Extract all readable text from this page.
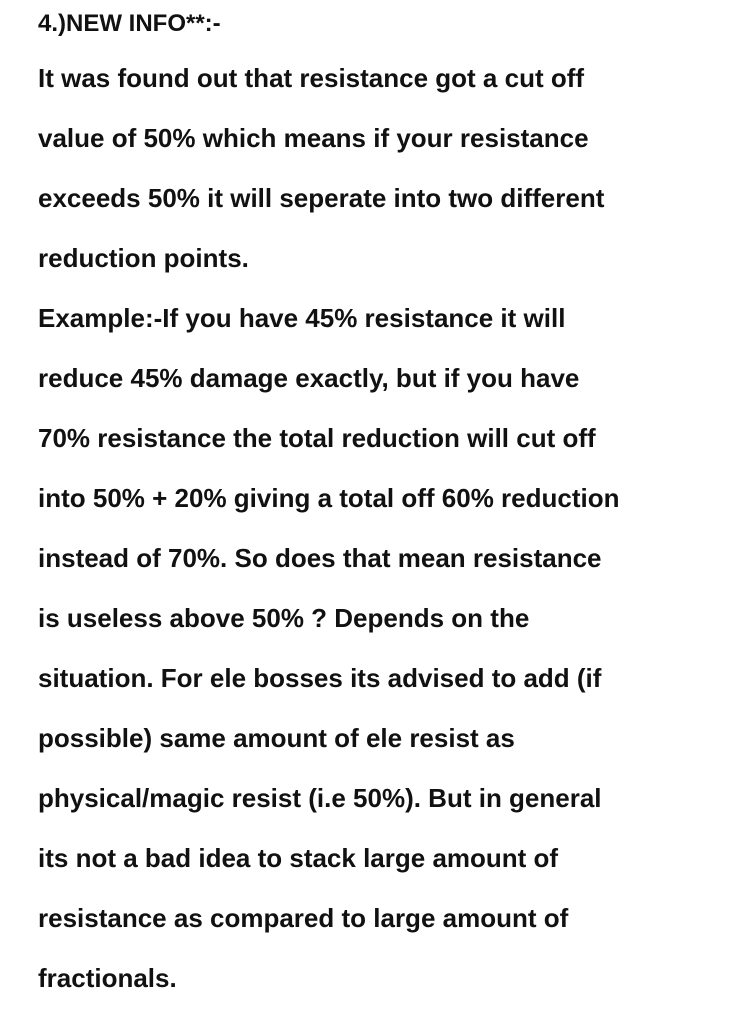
4.)NEW INFO**:-
It was found out that resistance got a cut off
value of 50% which means if your resistance
exceeds 50% it will seperate into two different
reduction points.
Example:-If you have 45% resistance it will
reduce 45% damage exactly, but if you have
70% resistance the total reduction will cut off
into 50% + 20% giving a total off 60% reduction
instead of 70%. So does that mean resistance
is useless above 50% ? Depends on the
situation. For ele bosses its advised to add (if
possible) same amount of ele resist as
physical/magic resist (i.e 50%). But in general
its not a bad idea to stack large amount of
resistance as compared to large amount of
fractionals.
